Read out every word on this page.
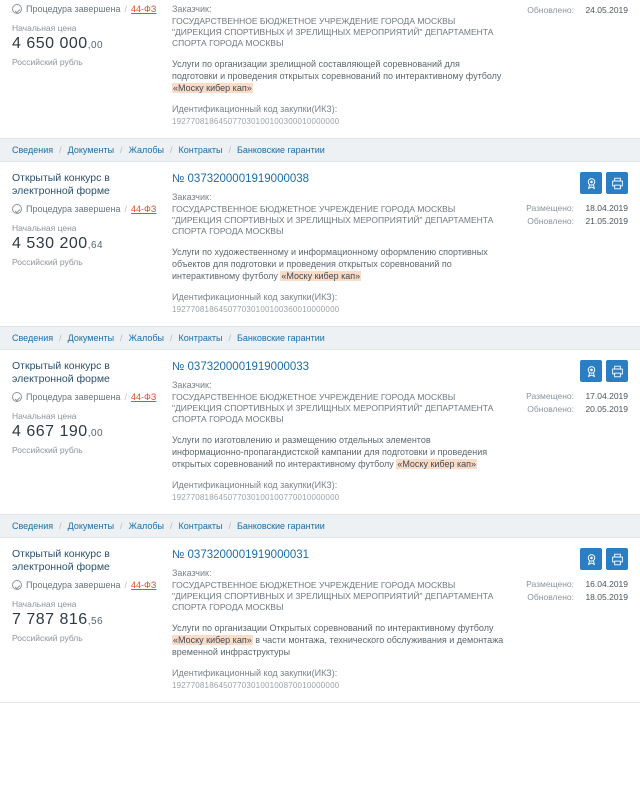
Процедура завершена / 44-ФЗ
Начальная цена
4 650 000,00
Российский рубль
Заказчик:
ГОСУДАРСТВЕННОЕ БЮДЖЕТНОЕ УЧРЕЖДЕНИЕ ГОРОДА МОСКВЫ "ДИРЕКЦИЯ СПОРТИВНЫХ И ЗРЕЛИЩНЫХ МЕРОПРИЯТИЙ" ДЕПАРТАМЕНТА СПОРТА ГОРОДА МОСКВЫ
Услуги по организации зрелищной составляющей соревнований для подготовки и проведения открытых соревнований по интерактивному футболу «Моску кибер кап»
Идентификационный код закупки(ИКЗ):
192770818645077030100100300010000000
Обновлено:	24.05.2019
Сведения / Документы / Жалобы / Контракты / Банковские гарантии
Открытый конкурс в электронной форме
Процедура завершена / 44-ФЗ
Начальная цена
4 530 200,64
Российский рубль
№ 0373200001919000038
Заказчик:
ГОСУДАРСТВЕННОЕ БЮДЖЕТНОЕ УЧРЕЖДЕНИЕ ГОРОДА МОСКВЫ "ДИРЕКЦИЯ СПОРТИВНЫХ И ЗРЕЛИЩНЫХ МЕРОПРИЯТИЙ" ДЕПАРТАМЕНТА СПОРТА ГОРОДА МОСКВЫ
Услуги по художественному и информационному оформлению спортивных объектов для подготовки и проведения открытых соревнований по интерактивному футболу «Моску кибер кап»
Идентификационный код закупки(ИКЗ):
192770818645077030100100360010000000
Размещено:	18.04.2019
Обновлено:	21.05.2019
Сведения / Документы / Жалобы / Контракты / Банковские гарантии
Открытый конкурс в электронной форме
Процедура завершена / 44-ФЗ
Начальная цена
4 667 190,00
Российский рубль
№ 0373200001919000033
Заказчик:
ГОСУДАРСТВЕННОЕ БЮДЖЕТНОЕ УЧРЕЖДЕНИЕ ГОРОДА МОСКВЫ "ДИРЕКЦИЯ СПОРТИВНЫХ И ЗРЕЛИЩНЫХ МЕРОПРИЯТИЙ" ДЕПАРТАМЕНТА СПОРТА ГОРОДА МОСКВЫ
Услуги по изготовлению и размещению отдельных элементов информационно-пропагандистской кампании для подготовки и проведения открытых соревнований по интерактивному футболу «Моску кибер кап»
Идентификационный код закупки(ИКЗ):
192770818645077030100100770010000000
Размещено:	17.04.2019
Обновлено:	20.05.2019
Сведения / Документы / Жалобы / Контракты / Банковские гарантии
Открытый конкурс в электронной форме
Процедура завершена / 44-ФЗ
Начальная цена
7 787 816,56
Российский рубль
№ 0373200001919000031
Заказчик:
ГОСУДАРСТВЕННОЕ БЮДЖЕТНОЕ УЧРЕЖДЕНИЕ ГОРОДА МОСКВЫ "ДИРЕКЦИЯ СПОРТИВНЫХ И ЗРЕЛИЩНЫХ МЕРОПРИЯТИЙ" ДЕПАРТАМЕНТА СПОРТА ГОРОДА МОСКВЫ
Услуги по организации Открытых соревнований по интерактивному футболу «Моску кибер кап» в части монтажа, технического обслуживания и демонтажа временной инфраструктуры
Идентификационный код закупки(ИКЗ):
192770818645077030100100870010000000
Размещено:	16.04.2019
Обновлено:	18.05.2019
